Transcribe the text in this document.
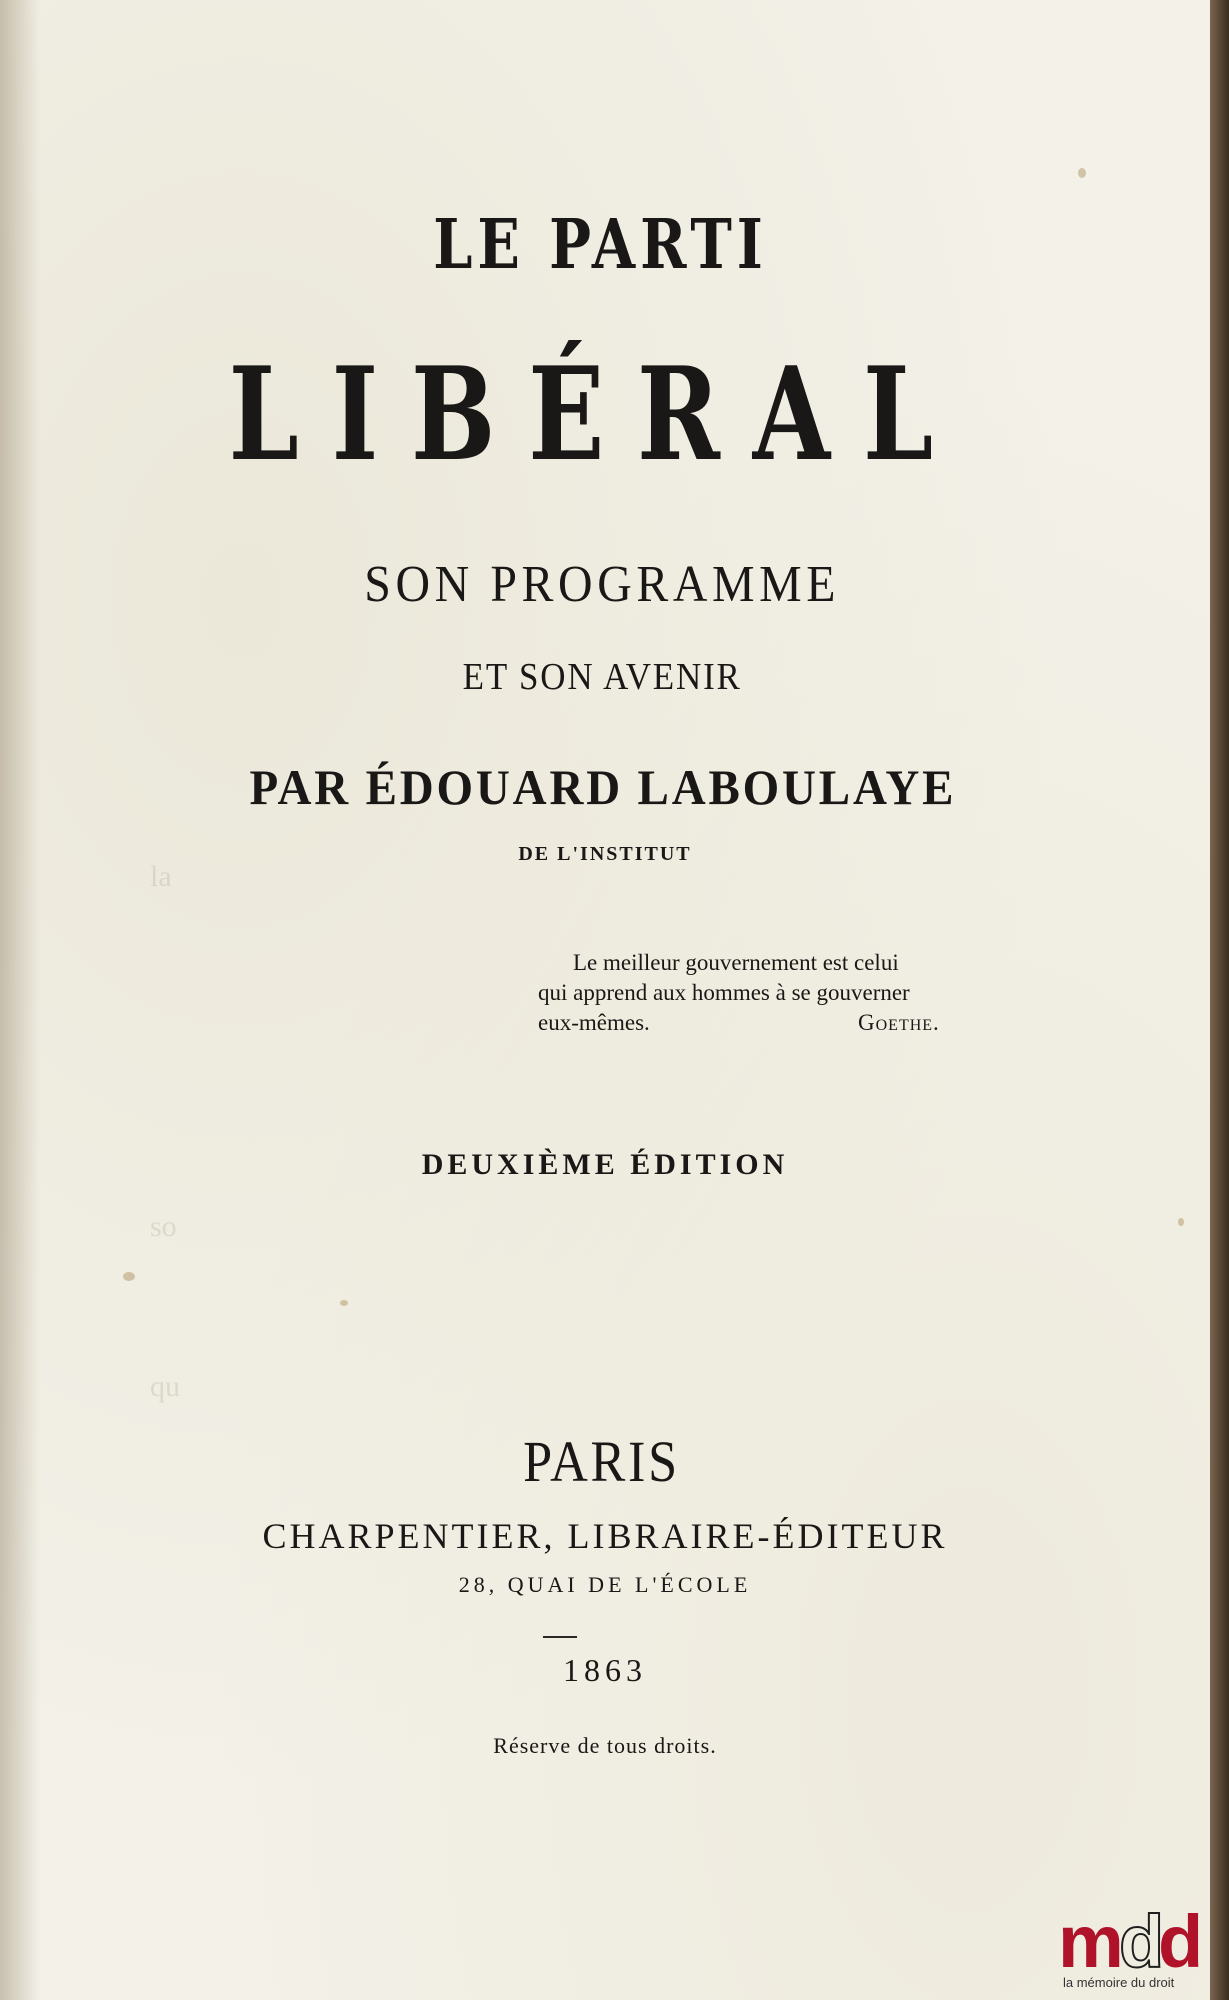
la
so
qu
LE PARTI
LIBÉRAL
SON PROGRAMME
ET SON AVENIR
PAR ÉDOUARD LABOULAYE
DE L'INSTITUT
Le meilleur gouvernement est celui
qui apprend aux hommes à se gouverner
eux-mêmes.	Goethe.
DEUXIÈME ÉDITION
PARIS
CHARPENTIER, LIBRAIRE-ÉDITEUR
28, QUAI DE L'ÉCOLE
1863
Réserve de tous droits.
m
d
d
la mémoire du droit
